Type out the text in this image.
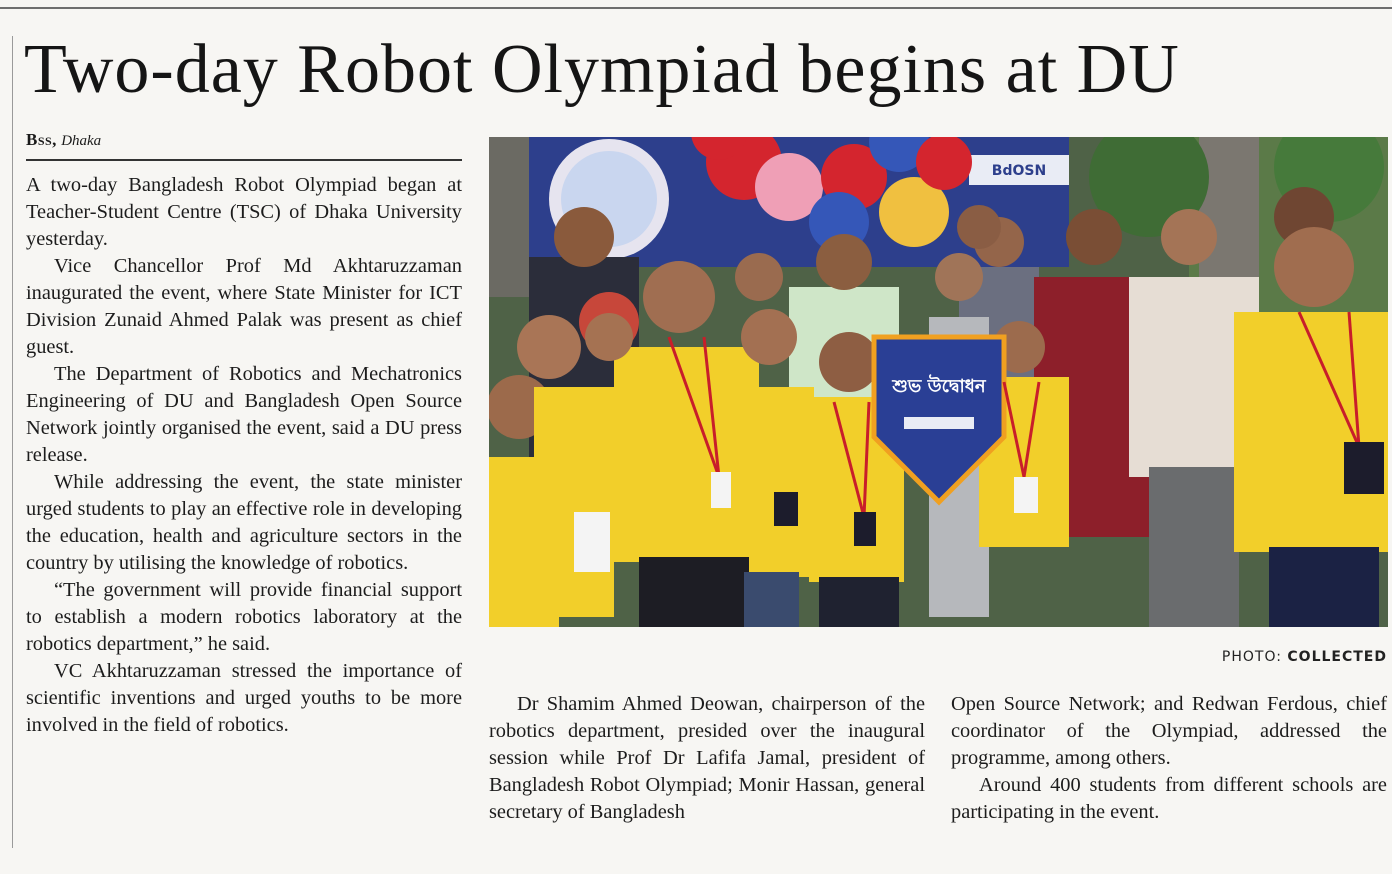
Two-day Robot Olympiad begins at DU
Bss, Dhaka

A two-day Bangladesh Robot Olympiad began at Teacher-Student Centre (TSC) of Dhaka University yesterday.

Vice Chancellor Prof Md Akhtaruzzaman inaugurated the event, where State Minister for ICT Division Zunaid Ahmed Palak was present as chief guest.

The Department of Robotics and Mechatronics Engineering of DU and Bangladesh Open Source Network jointly organised the event, said a DU press release.

While addressing the event, the state minister urged students to play an effective role in developing the education, health and agriculture sectors in the country by utilising the knowledge of robotics.

“The government will provide financial support to establish a modern robotics laboratory at the robotics department,” he said.

VC Akhtaruzzaman stressed the importance of scientific inventions and urged youths to be more involved in the field of robotics.

BdOSN
শুভ উদ্বোধন
PHOTO: COLLECTED

Dr Shamim Ahmed Deowan, chairperson of the robotics department, presided over the inaugural session while Prof Dr Lafifa Jamal, president of Bangladesh Robot Olympiad; Monir Hassan, general secretary of Bangladesh

Open Source Network; and Redwan Ferdous, chief coordinator of the Olympiad, addressed the programme, among others.

Around 400 students from different schools are participating in the event.
